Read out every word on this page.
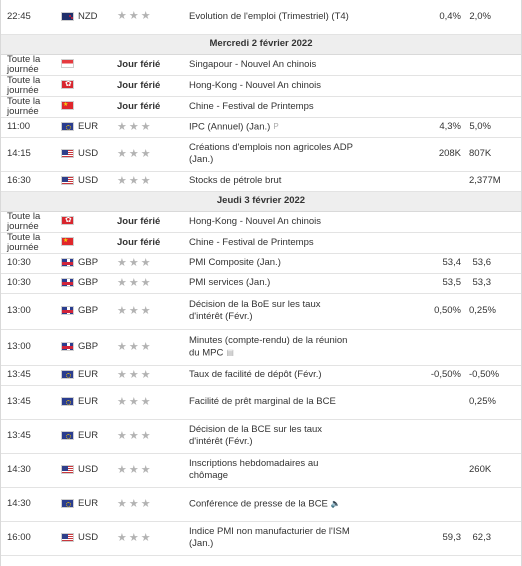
22:45	NZD	★ ★ ★	Evolution de l'emploi (Trimestriel) (T4)		0,4%	2,0%
Mercredi 2 février 2022						
Toute la journée		Jour férié	Singapour - Nouvel An chinois			
Toute la journée	✿	Jour férié	Hong-Kong - Nouvel An chinois			
Toute la journée	★	Jour férié	Chine - Festival de Printemps			
11:00	EUR	★ ★ ★	IPC (Annuel) (Jan.) P		4,3%	5,0%
14:15	USD	★ ★ ★	Créations d'emplois non agricoles ADP (Jan.)		208K	807K
16:30	USD	★ ★ ★	Stocks de pétrole brut			2,377M
Jeudi 3 février 2022						
Toute la journée	✿	Jour férié	Hong-Kong - Nouvel An chinois			
Toute la journée	★	Jour férié	Chine - Festival de Printemps			
10:30	GBP	★ ★ ★	PMI Composite (Jan.)		53,4	53,6
10:30	GBP	★ ★ ★	PMI services (Jan.)		53,5	53,3
13:00	GBP	★ ★ ★	Décision de la BoE sur les taux d'intérêt (Févr.)		0,50%	0,25%
13:00	GBP	★ ★ ★	Minutes (compte-rendu) de la réunion du MPC ▤			
13:45	EUR	★ ★ ★	Taux de facilité de dépôt (Févr.)		-0,50%	-0,50%
13:45	EUR	★ ★ ★	Facilité de prêt marginal de la BCE			0,25%
13:45	EUR	★ ★ ★	Décision de la BCE sur les taux d'intérêt (Févr.)			
14:30	USD	★ ★ ★	Inscriptions hebdomadaires au chômage			260K
14:30	EUR	★ ★ ★	Conférence de presse de la BCE 🔈			
16:00	USD	★ ★ ★	Indice PMI non manufacturier de l'ISM (Jan.)		59,3	62,3
